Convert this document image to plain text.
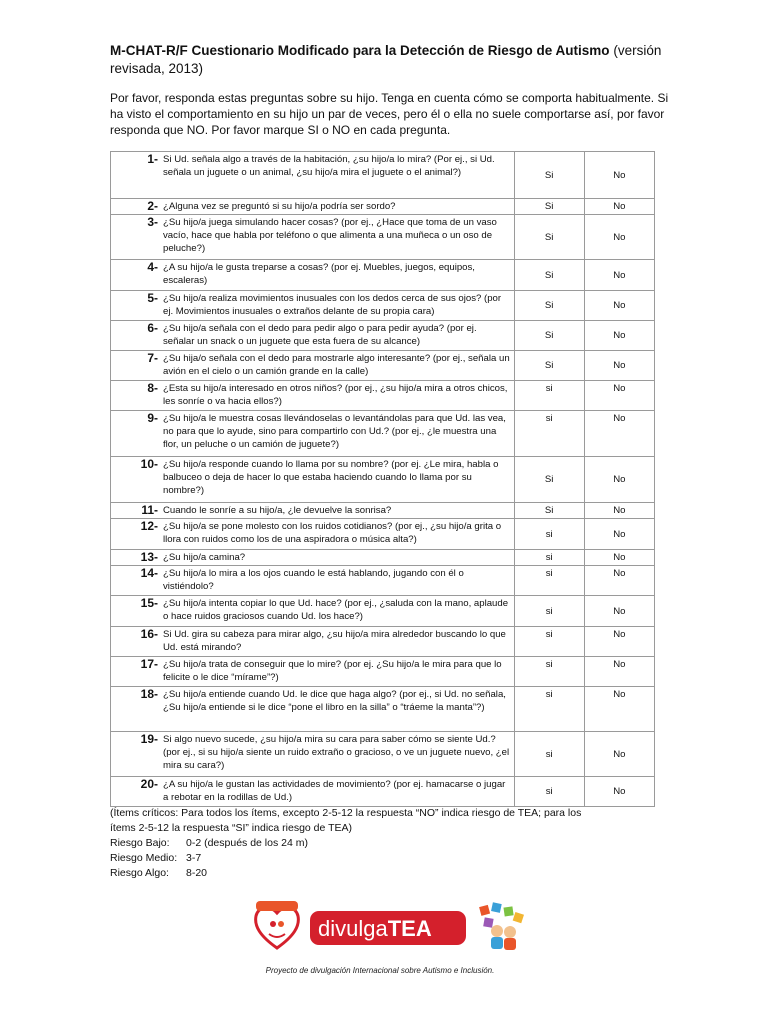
M-CHAT-R/F Cuestionario Modificado para la Detección de Riesgo de Autismo (versión revisada, 2013)
Por favor, responda estas preguntas sobre su hijo. Tenga en cuenta cómo se comporta habitualmente. Si ha visto el comportamiento en su hijo un par de veces, pero él o ella no suele comportarse así, por favor responda que NO. Por favor marque SI o NO en cada pregunta.
1- Si Ud. señala algo a través de la habitación, ¿su hijo/a lo mira? (Por ej., si Ud. señala un juguete o un animal, ¿su hijo/a mira el juguete o el animal?)	Si	No

2- ¿Alguna vez se preguntó si su hijo/a podría ser sordo?	Si	No

3- ¿Su hijo/a juega simulando hacer cosas? (por ej., ¿Hace que toma de un vaso vacío, hace que habla por teléfono o que alimenta a una muñeca o un oso de peluche?)	Si	No

4- ¿A su hijo/a le gusta treparse a cosas? (por ej. Muebles, juegos, equipos, escaleras)	Si	No

5- ¿Su hijo/a realiza movimientos inusuales con los dedos cerca de sus ojos? (por ej. Movimientos inusuales o extraños delante de su propia cara)	Si	No

6- ¿Su hijo/a señala con el dedo para pedir algo o para pedir ayuda? (por ej. señalar un snack o un juguete que esta fuera de su alcance)	Si	No

7- ¿Su hija/o señala con el dedo para mostrarle algo interesante? (por ej., señala un avión en el cielo o un camión grande en la calle)	Si	No

8- ¿Esta su hijo/a interesado en otros niños? (por ej., ¿su hijo/a mira a otros chicos, les sonríe o va hacia ellos?)	si	No

9- ¿Su hijo/a le muestra cosas llevándoselas o levantándolas para que Ud. las vea, no para que lo ayude, sino para compartirlo con Ud.? (por ej., ¿le muestra una flor, un peluche o un camión de juguete?)	si	No

10- ¿Su hijo/a responde cuando lo llama por su nombre? (por ej. ¿Le mira, habla o balbuceo o deja de hacer lo que estaba haciendo cuando lo llama por su nombre?)	Si	No

11- Cuando le sonríe a su hijo/a, ¿le devuelve la sonrisa?	Si	No

12- ¿Su hijo/a se pone molesto con los ruidos cotidianos? (por ej., ¿su hijo/a grita o llora con ruidos como los de una aspiradora o música alta?)	si	No

13- ¿Su hijo/a camina?	si	No

14- ¿Su hijo/a lo mira a los ojos cuando le está hablando, jugando con él o vistiéndolo?	si	No

15- ¿Su hijo/a intenta copiar lo que Ud. hace? (por ej., ¿saluda con la mano, aplaude o hace ruidos graciosos cuando Ud. los hace?)	si	No

16- Si Ud. gira su cabeza para mirar algo, ¿su hijo/a mira alrededor buscando lo que Ud. está mirando?	si	No

17- ¿Su hijo/a trata de conseguir que lo mire? (por ej. ¿Su hijo/a le mira para que lo felicite o le dice “mírame”?)	si	No

18- ¿Su hijo/a entiende cuando Ud. le dice que haga algo? (por ej., si Ud. no señala, ¿Su hijo/a entiende si le dice “pone el libro en la silla” o “tráeme la manta”?)	si	No

19- Si algo nuevo sucede, ¿su hijo/a mira su cara para saber cómo se siente Ud.? (por ej., si su hijo/a siente un ruido extraño o gracioso, o ve un juguete nuevo, ¿el mira su cara?)	si	No

20- ¿A su hijo/a le gustan las actividades de movimiento? (por ej. hamacarse o jugar a rebotar en la rodillas de Ud.)	si	No
(Ítems críticos: Para todos los ítems, excepto 2-5-12 la respuesta “NO” indica riesgo de TEA; para los
ítems 2-5-12 la respuesta “SI” indica riesgo de TEA)
Riesgo Bajo:	0-2 (después de los 24 m)
Riesgo Medio: 3-7
Riesgo Algo:	8-20
divulgaTEA
Proyecto de divulgación Internacional sobre Autismo e Inclusión.
